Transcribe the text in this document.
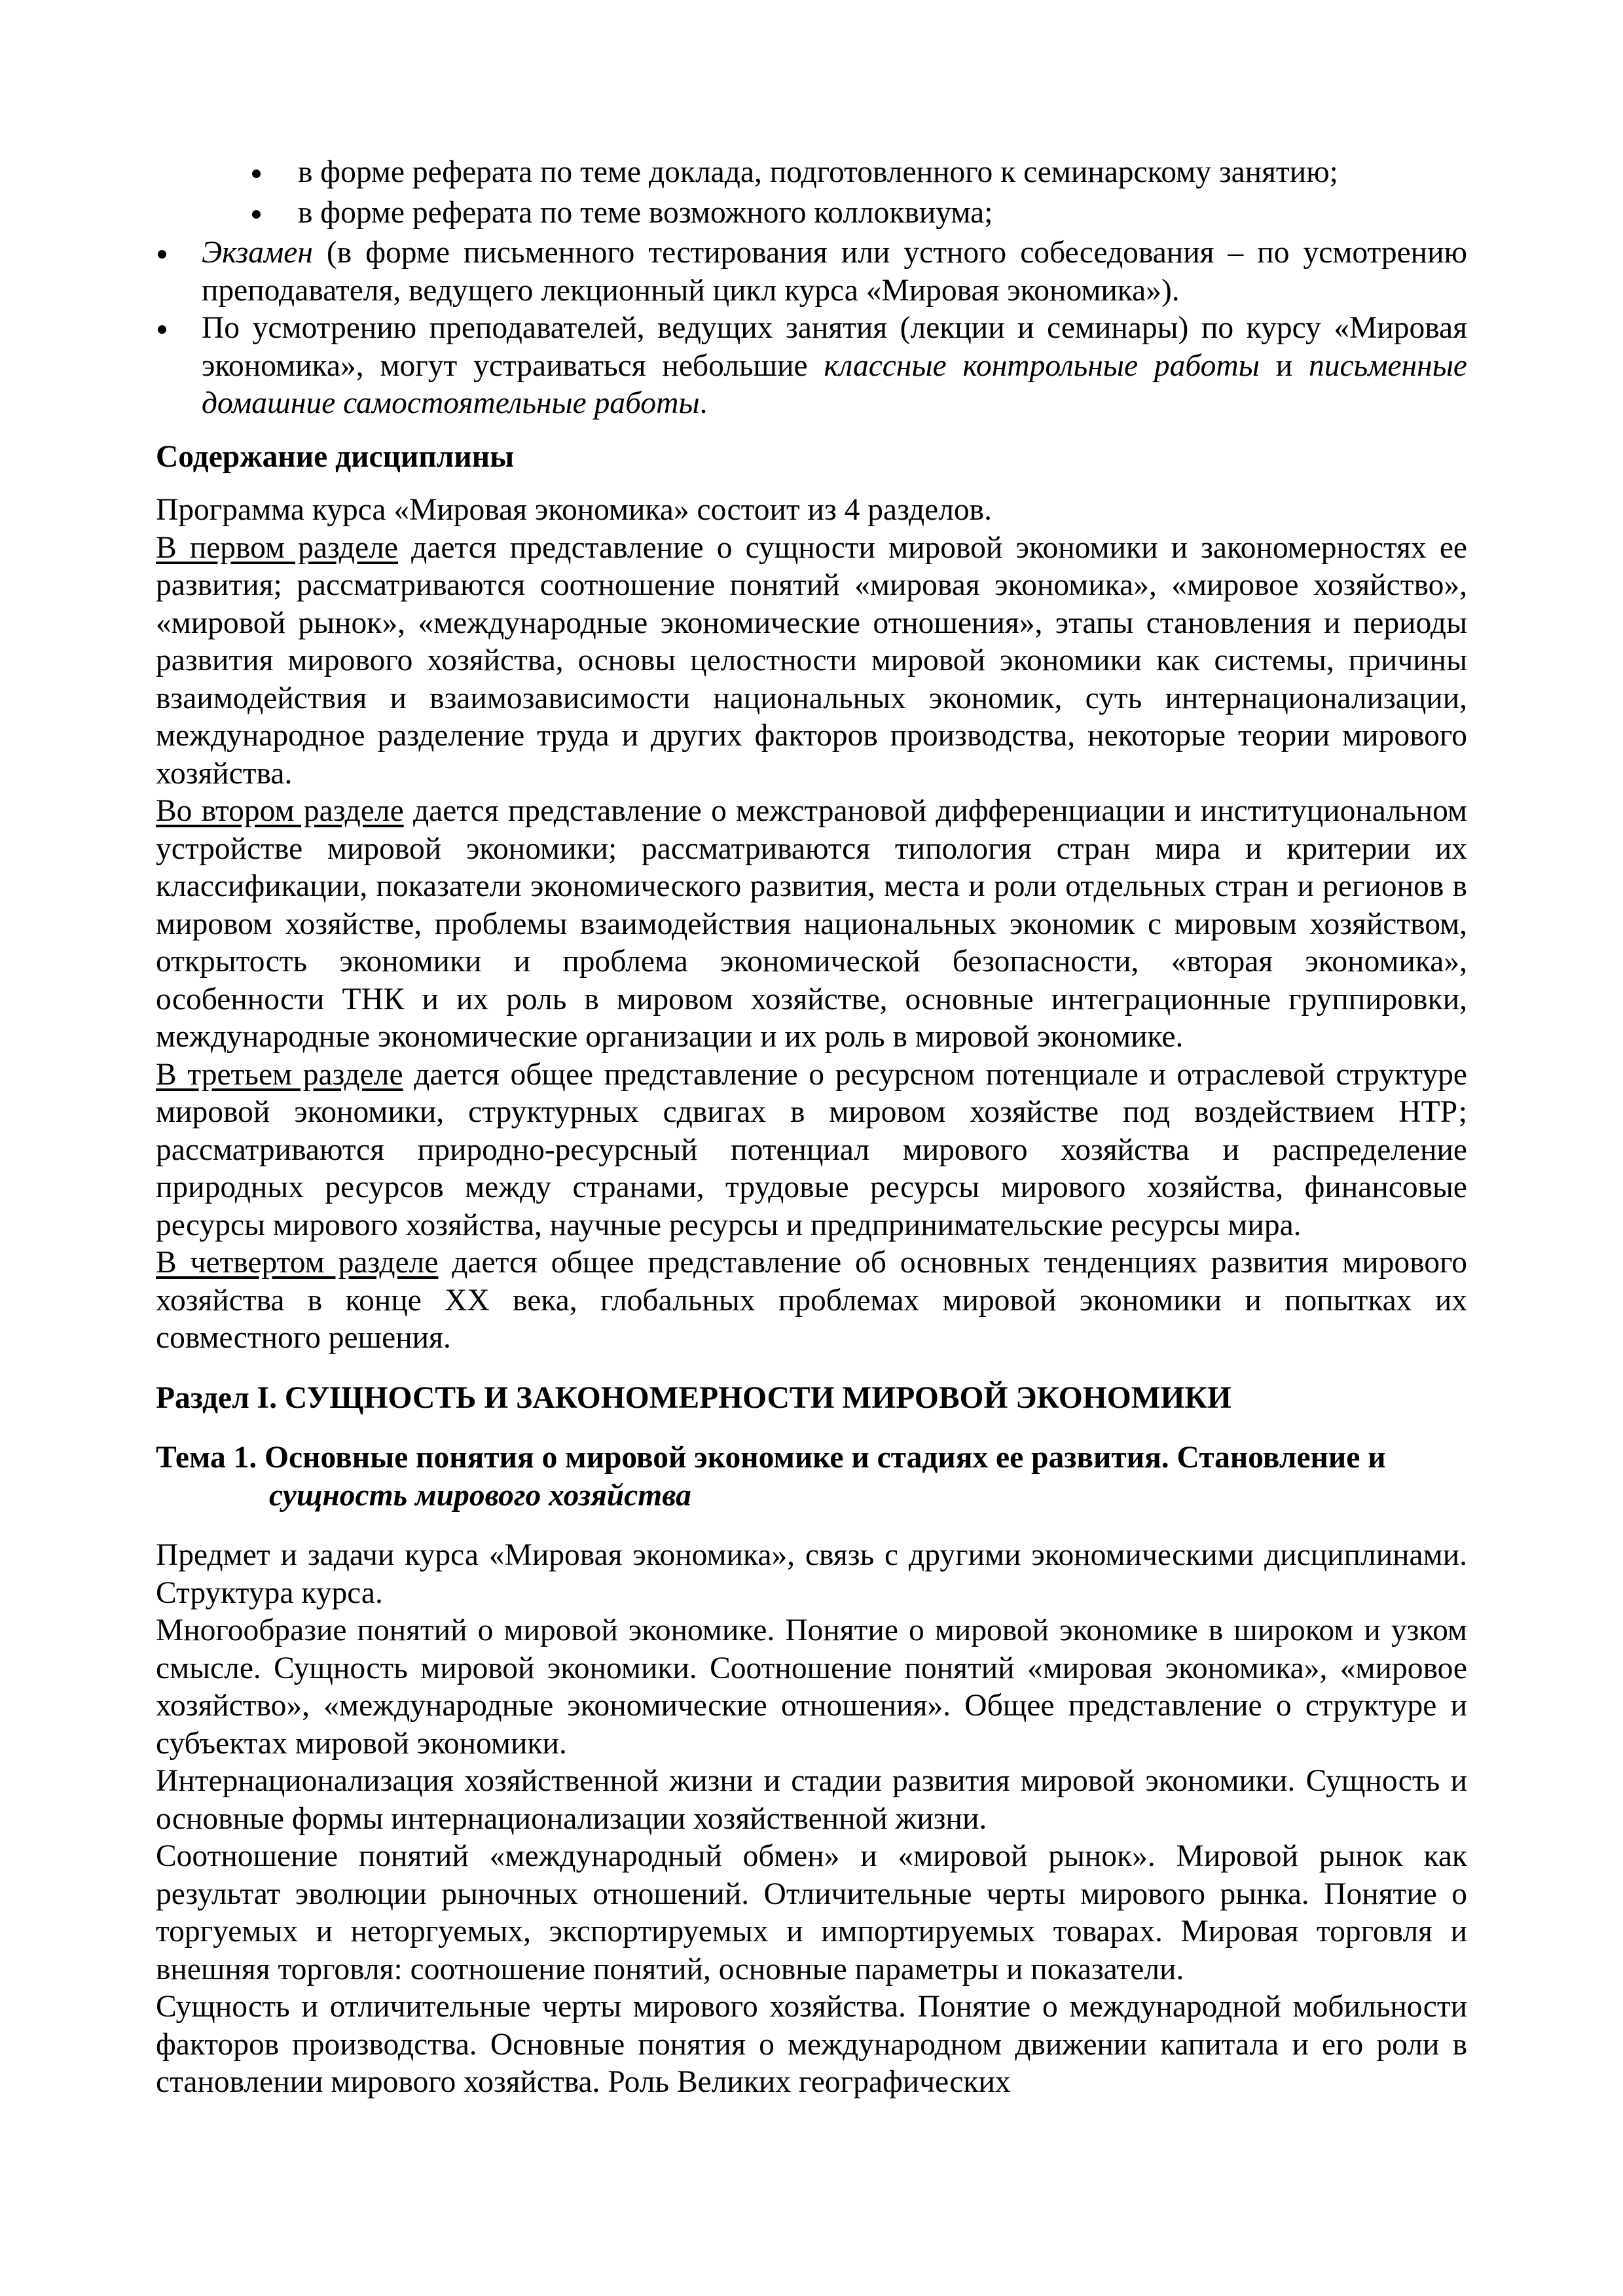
в форме реферата по теме доклада, подготовленного к семинарскому занятию;

в форме реферата по теме возможного коллоквиума;

Экзамен (в форме письменного тестирования или устного собеседования – по усмотрению преподавателя, ведущего лекционный цикл курса «Мировая экономика»).

По усмотрению преподавателей, ведущих занятия (лекции и семинары) по курсу «Мировая экономика», могут устраиваться небольшие классные контрольные работы и письменные домашние самостоятельные работы.

Содержание дисциплины

Программа курса «Мировая экономика» состоит из 4 разделов.

В первом разделе дается представление о сущности мировой экономики и закономерностях ее развития; рассматриваются соотношение понятий «мировая экономика», «мировое хозяйство», «мировой рынок», «международные экономические отношения», этапы становления и периоды развития мирового хозяйства, основы целостности мировой экономики как системы, причины взаимодействия и взаимозависимости национальных экономик, суть интернационализации, международное разделение труда и других факторов производства, некоторые теории мирового хозяйства.

Во втором разделе дается представление о межстрановой дифференциации и институциональном устройстве мировой экономики; рассматриваются типология стран мира и критерии их классификации, показатели экономического развития, места и роли отдельных стран и регионов в мировом хозяйстве, проблемы взаимодействия национальных экономик с мировым хозяйством, открытость экономики и проблема экономической безопасности, «вторая экономика», особенности ТНК и их роль в мировом хозяйстве, основные интеграционные группировки, международные экономические организации и их роль в мировой экономике.

В третьем разделе дается общее представление о ресурсном потенциале и отраслевой структуре мировой экономики, структурных сдвигах в мировом хозяйстве под воздействием НТР; рассматриваются природно-ресурсный потенциал мирового хозяйства и распределение природных ресурсов между странами, трудовые ресурсы мирового хозяйства, финансовые ресурсы мирового хозяйства, научные ресурсы и предпринимательские ресурсы мира.

В четвертом разделе дается общее представление об основных тенденциях развития мирового хозяйства в конце ХХ века, глобальных проблемах мировой экономики и попытках их совместного решения.

Раздел I. СУЩНОСТЬ И ЗАКОНОМЕРНОСТИ МИРОВОЙ ЭКОНОМИКИ

Тема 1. Основные понятия о мировой экономике и стадиях ее развития. Становление и
сущность мирового хозяйства

Предмет и задачи курса «Мировая экономика», связь с другими экономическими дисциплинами. Структура курса.

Многообразие понятий о мировой экономике. Понятие о мировой экономике в широком и узком смысле. Сущность мировой экономики. Соотношение понятий «мировая экономика», «мировое хозяйство», «международные экономические отношения». Общее представление о структуре и субъектах мировой экономики.

Интернационализация хозяйственной жизни и стадии развития мировой экономики. Сущность и основные формы интернационализации хозяйственной жизни.

Соотношение понятий «международный обмен» и «мировой рынок». Мировой рынок как результат эволюции рыночных отношений. Отличительные черты мирового рынка. Понятие о торгуемых и неторгуемых, экспортируемых и импортируемых товарах. Мировая торговля и внешняя торговля: соотношение понятий, основные параметры и показатели.

Сущность и отличительные черты мирового хозяйства. Понятие о международной мобильности факторов производства. Основные понятия о международном движении капитала и его роли в становлении мирового хозяйства. Роль Великих географических
